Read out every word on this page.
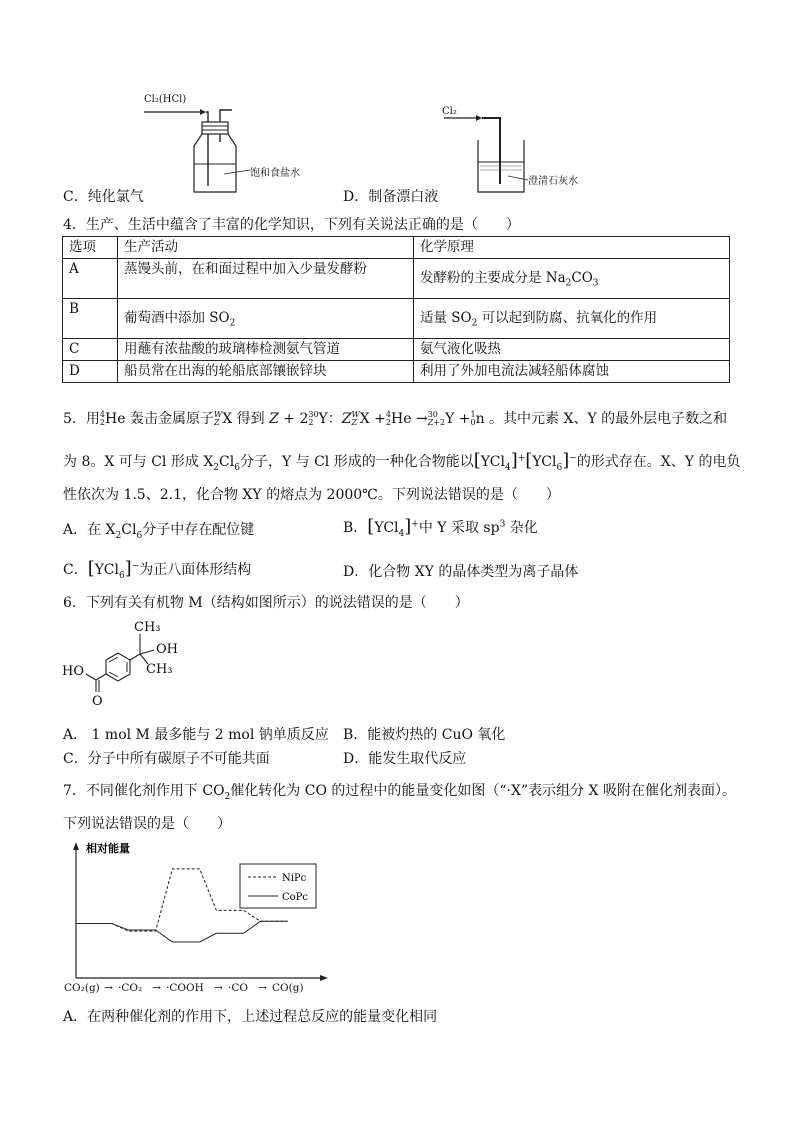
Cl₂(HCl)
饱和食盐水
C．纯化氯气
Cl₂
澄清石灰水
D．制备漂白液
4．生产、生活中蕴含了丰富的化学知识，下列有关说法正确的是（　　）
选项	生产活动	化学原理
A	蒸馒头前，在和面过程中加入少量发酵粉	发酵粉的主要成分是 $Na_2CO_3$
B	葡萄酒中添加 $SO_2$	适量 $SO_2$ 可以起到防腐、抗氧化的作用
C	用蘸有浓盐酸的玻璃棒检测氨气管道	氨气液化吸热
D	船员常在出海的轮船底部镶嵌锌块	利用了外加电流法减轻船体腐蚀
5．用4
2He 轰击金属原子W
Z X 得到 Z + 230
2 Y：ZW
Z X +4
2He →30
Z+2Y +1
0n 。其中元素 X、Y 的最外层电子数之和
为 8。X 可与 Cl 形成 $X_2Cl_6$分子，Y 与 Cl 形成的一种化合物能以[YCl$_4$]+[YCl$_6$]−的形式存在。X、Y 的电负
性依次为 1.5、2.1，化合物 XY 的熔点为 2000℃。下列说法错误的是（　　）
A．在 $X_2Cl_6$分子中存在配位键	B．[YCl$_4$]+中 Y 采取 $sp^3$ 杂化
C．[YCl$_6$]−为正八面体形结构	D．化合物 XY 的晶体类型为离子晶体
6．下列有关有机物 M（结构如图所示）的说法错误的是（　　）
CH₃
OH
CH₃
HO
O
A． 1 mol M 最多能与 2 mol 钠单质反应 B．能被灼热的 CuO 氧化
C．分子中所有碳原子不可能共面	D．能发生取代反应
7．不同催化剂作用下 $CO_2$催化转化为 CO 的过程中的能量变化如图（“·X”表示组分 X 吸附在催化剂表面）。
下列说法错误的是（　　）
相对能量
NiPc
CoPc
CO₂(g) → ·CO₂ → ·COOH → ·CO → CO(g)
A．在两种催化剂的作用下，上述过程总反应的能量变化相同
